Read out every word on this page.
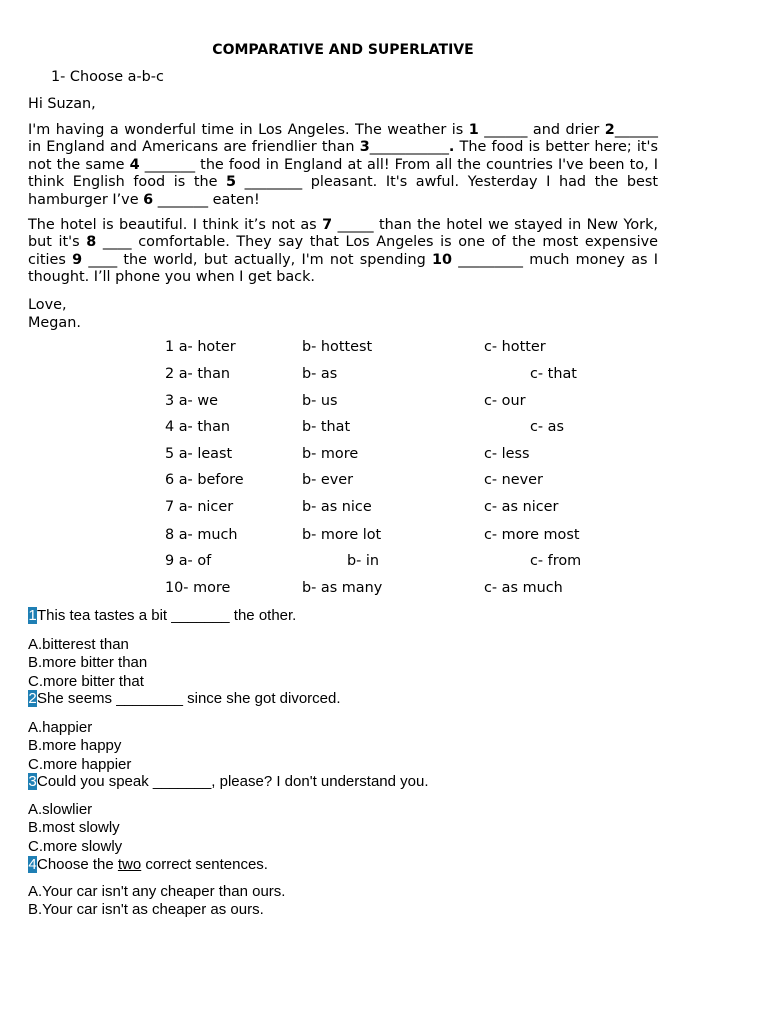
COMPARATIVE AND SUPERLATIVE
1- Choose a-b-c
Hi Suzan,
I'm having a wonderful time in Los Angeles. The weather is 1 ______ and drier 2______ in England and Americans are friendlier than 3___________. The food is better here; it's not the same 4 _______ the food in England at all! From all the countries I've been to, I think English food is the 5 ________ pleasant. It's awful. Yesterday I had the best hamburger I’ve 6 _______ eaten!
The hotel is beautiful. I think it’s not as 7 _____ than the hotel we stayed in New York, but it's 8 ____ comfortable. They say that Los Angeles is one of the most expensive cities 9 ____ the world, but actually, I'm not spending 10 _________ much money as I thought. I’ll phone you when I get back.
Love,
Megan.
1 a- hoter	b- hottest	c- hotter
2 a- than	b- as	c- that
3 a- we	b- us	c- our
4 a- than	b- that	c- as
5 a- least	b- more	c- less
6 a- before	b- ever	c- never
7 a- nicer	b- as nice	c- as nicer
8 a- much	b- more lot	c- more most
9 a- of	b- in	c- from
10- more	b- as many	c- as much
1This tea tastes a bit _______ the other.
A.bitterest than
B.more bitter than
C.more bitter that
2She seems ________ since she got divorced.
A.happier
B.more happy
C.more happier
3Could you speak _______, please? I don't understand you.
A.slowlier
B.most slowly
C.more slowly
4Choose the two correct sentences.
A.Your car isn't any cheaper than ours.
B.Your car isn't as cheaper as ours.
